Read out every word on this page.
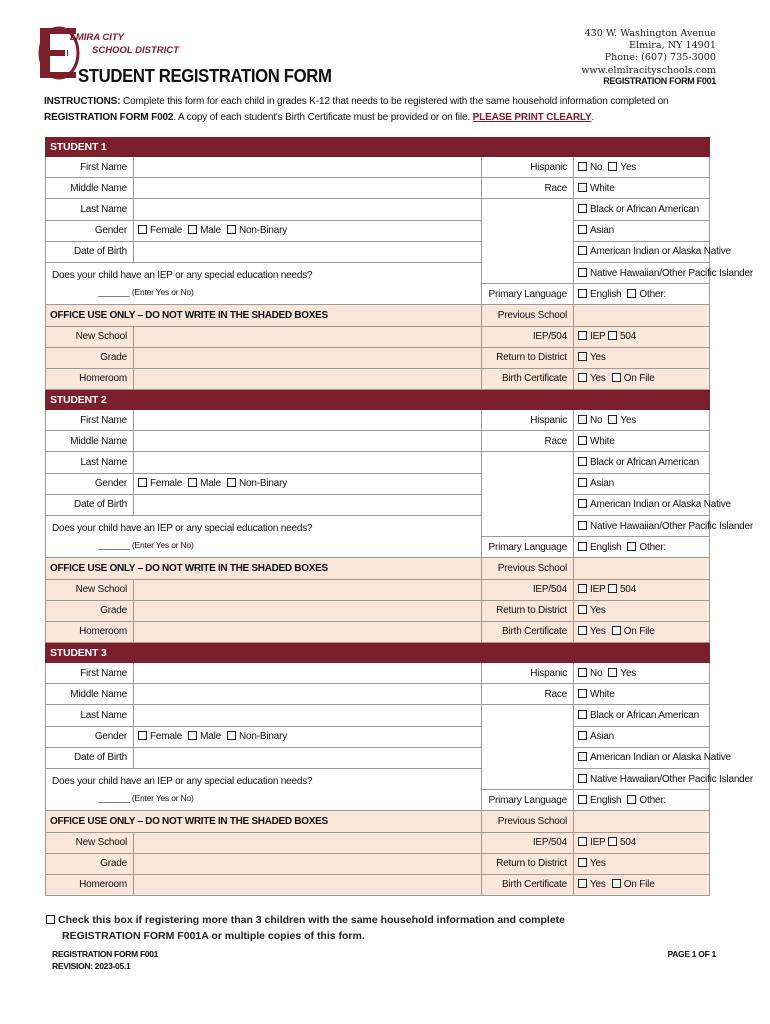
LMIRA CITY
SCHOOL DISTRICT
STUDENT REGISTRATION FORM
430 W. Washington Avenue
Elmira, NY 14901
Phone: (607) 735-3000
www.elmiracityschools.com
REGISTRATION FORM F001
INSTRUCTIONS: Complete this form for each child in grades K-12 that needs to be registered with the same household information completed on REGISTRATION FORM F002. A copy of each student's Birth Certificate must be provided or on file. PLEASE PRINT CLEARLY.
STUDENT 1			
First Name		Hispanic	No Yes
Middle Name		Race	White
Last Name			Black or African American
Gender	Female Male Non-Binary		Asian
Date of Birth			American Indian or Alaska Native

Does your child have an IEP or any special education needs?
_______ (Enter Yes or No)			Native Hawaiian/Other Pacific Islander
		Primary Language	English Other:
OFFICE USE ONLY – DO NOT WRITE IN THE SHADED BOXES		Previous School	
New School		IEP/504	IEP 504
Grade		Return to District	Yes
Homeroom		Birth Certificate	Yes On File
STUDENT 2			
First Name		Hispanic	No Yes
Middle Name		Race	White
Last Name			Black or African American
Gender	Female Male Non-Binary		Asian
Date of Birth			American Indian or Alaska Native

Does your child have an IEP or any special education needs?
_______ (Enter Yes or No)			Native Hawaiian/Other Pacific Islander
		Primary Language	English Other:
OFFICE USE ONLY – DO NOT WRITE IN THE SHADED BOXES		Previous School	
New School		IEP/504	IEP 504
Grade		Return to District	Yes
Homeroom		Birth Certificate	Yes On File
STUDENT 3			
First Name		Hispanic	No Yes
Middle Name		Race	White
Last Name			Black or African American
Gender	Female Male Non-Binary		Asian
Date of Birth			American Indian or Alaska Native

Does your child have an IEP or any special education needs?
_______ (Enter Yes or No)			Native Hawaiian/Other Pacific Islander
		Primary Language	English Other:
OFFICE USE ONLY – DO NOT WRITE IN THE SHADED BOXES		Previous School	
New School		IEP/504	IEP 504
Grade		Return to District	Yes
Homeroom		Birth Certificate	Yes On File
Check this box if registering more than 3 children with the same household information and complete
REGISTRATION FORM F001A or multiple copies of this form.
REGISTRATION FORM F001
REVISION: 2023-05.1
PAGE 1 OF 1
